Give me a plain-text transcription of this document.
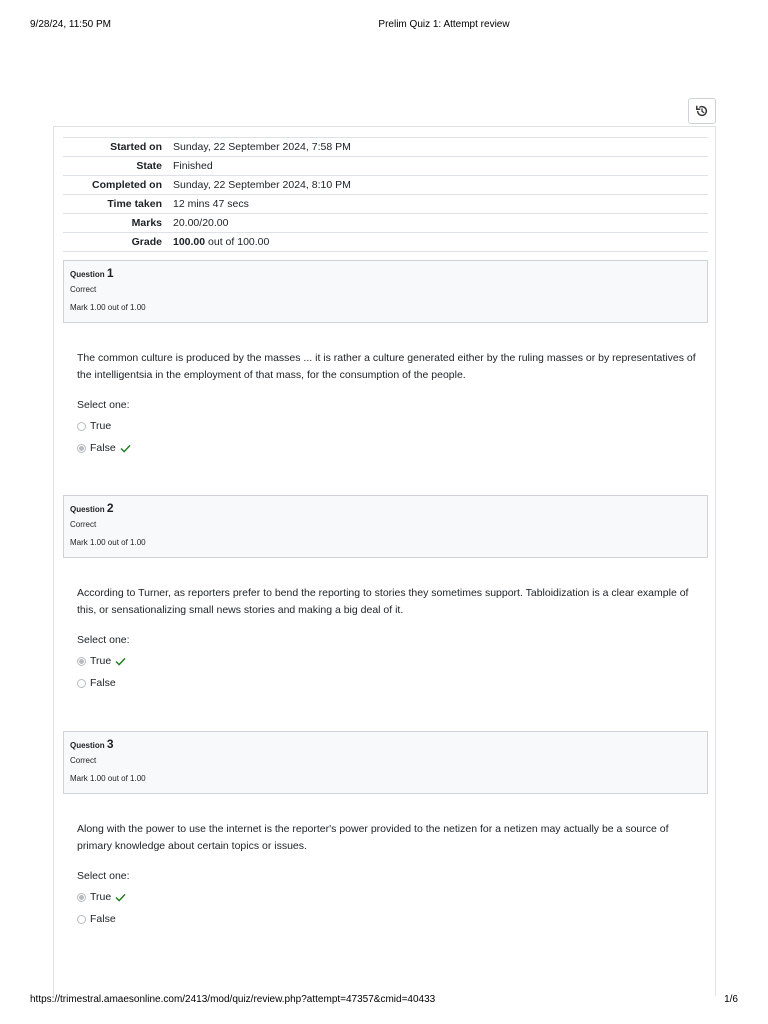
9/28/24, 11:50 PM	Prelim Quiz 1: Attempt review
Started on	Sunday, 22 September 2024, 7:58 PM
State	Finished
Completed on	Sunday, 22 September 2024, 8:10 PM
Time taken	12 mins 47 secs
Marks	20.00/20.00
Grade	100.00 out of 100.00
Question 1
Correct
Mark 1.00 out of 1.00
The common culture is produced by the masses ... it is rather a culture generated either by the ruling masses or by representatives of the intelligentsia in the employment of that mass, for the consumption of the people.
Select one:
True
False
Question 2
Correct
Mark 1.00 out of 1.00
According to Turner, as reporters prefer to bend the reporting to stories they sometimes support. Tabloidization is a clear example of this, or sensationalizing small news stories and making a big deal of it.
Select one:
True
False
Question 3
Correct
Mark 1.00 out of 1.00
Along with the power to use the internet is the reporter's power provided to the netizen for a netizen may actually be a source of primary knowledge about certain topics or issues.
Select one:
True
False
https://trimestral.amaesonline.com/2413/mod/quiz/review.php?attempt=47357&cmid=40433	1/6
